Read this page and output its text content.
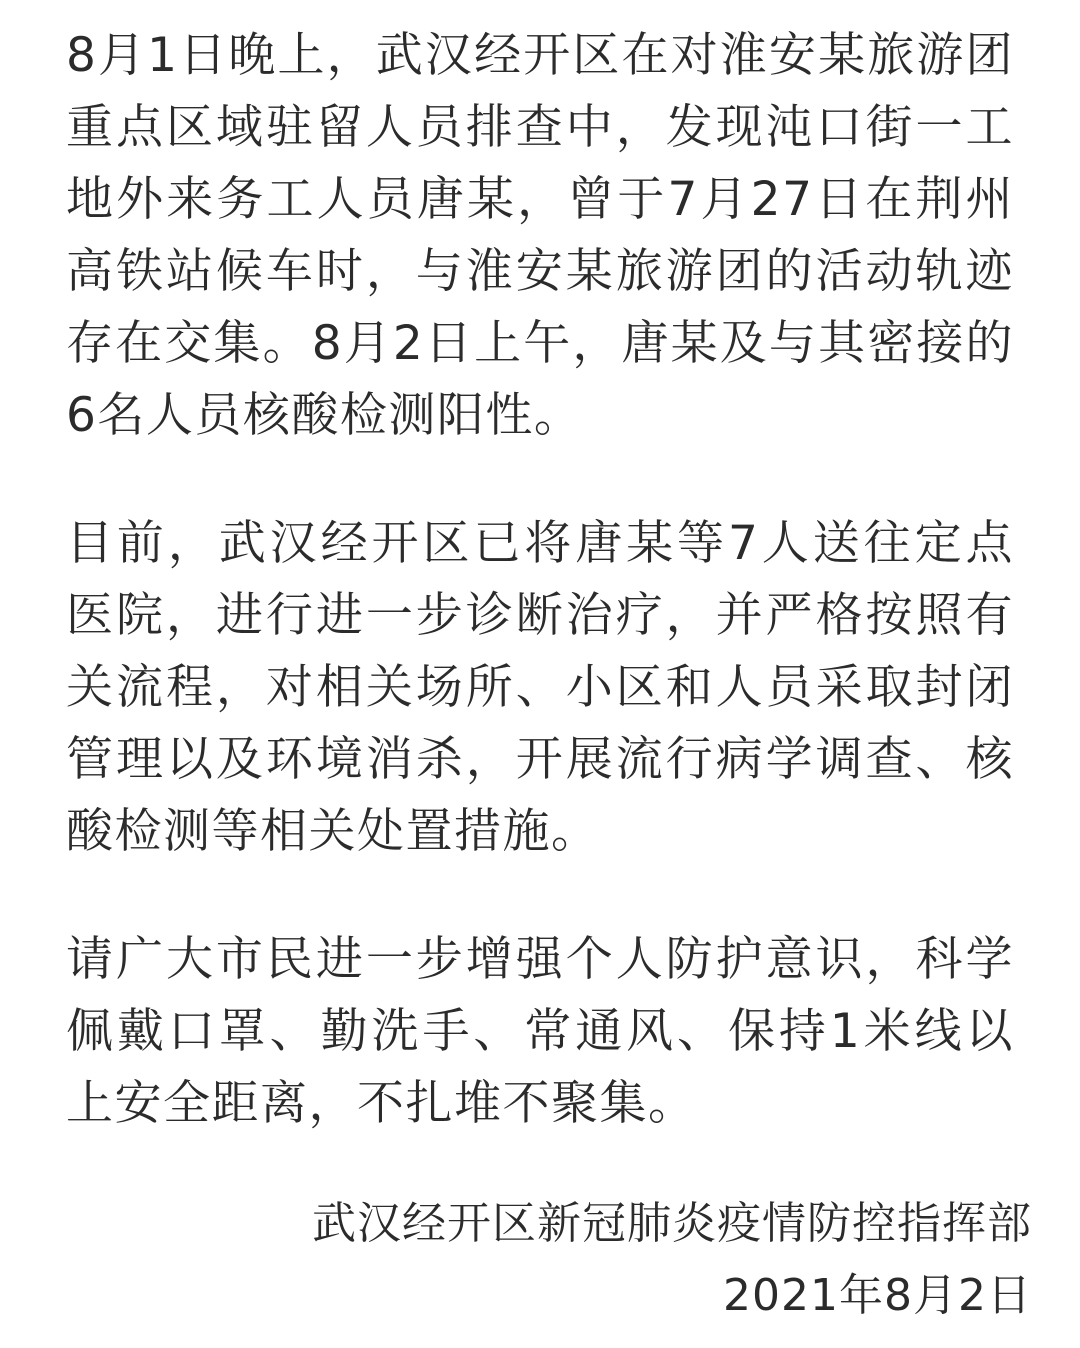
8月1日晚上，武汉经开区在对淮安某旅游团重点区域驻留人员排查中，发现沌口街一工地外来务工人员唐某，曾于7月27日在荆州高铁站候车时，与淮安某旅游团的活动轨迹存在交集。8月2日上午，唐某及与其密接的6名人员核酸检测阳性。

目前，武汉经开区已将唐某等7人送往定点医院，进行进一步诊断治疗，并严格按照有关流程，对相关场所、小区和人员采取封闭管理以及环境消杀，开展流行病学调查、核酸检测等相关处置措施。

请广大市民进一步增强个人防护意识，科学佩戴口罩、勤洗手、常通风、保持1米线以上安全距离，不扎堆不聚集。

武汉经开区新冠肺炎疫情防控指挥部
2021年8月2日
